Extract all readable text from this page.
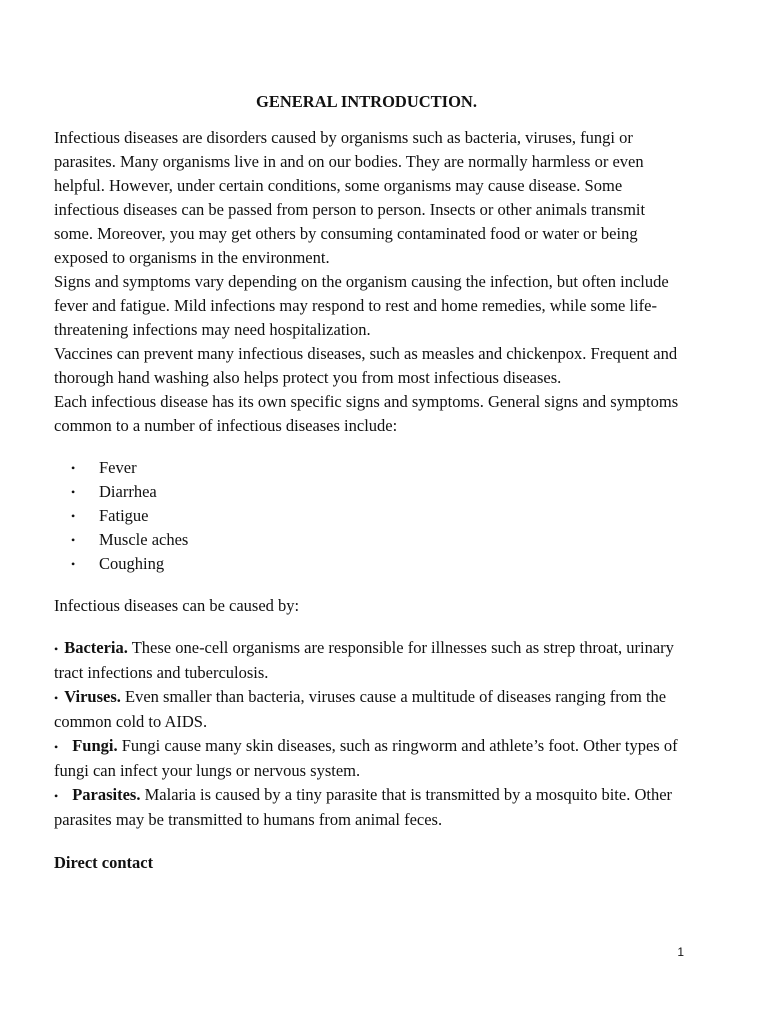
GENERAL INTRODUCTION.

Infectious diseases are disorders caused by organisms such as bacteria, viruses, fungi or parasites. Many organisms live in and on our bodies. They are normally harmless or even helpful. However, under certain conditions, some organisms may cause disease. Some infectious diseases can be passed from person to person. Insects or other animals transmit some. Moreover, you may get others by consuming contaminated food or water or being exposed to organisms in the environment.

Signs and symptoms vary depending on the organism causing the infection, but often include fever and fatigue. Mild infections may respond to rest and home remedies, while some life-threatening infections may need hospitalization.

Vaccines can prevent many infectious diseases, such as measles and chickenpox. Frequent and thorough hand washing also helps protect you from most infectious diseases.

Each infectious disease has its own specific signs and symptoms. General signs and symptoms common to a number of infectious diseases include:

• Fever
• Diarrhea
• Fatigue
• Muscle aches
• Coughing

Infectious diseases can be caused by:

• Bacteria. These one-cell organisms are responsible for illnesses such as strep throat, urinary tract infections and tuberculosis.

• Viruses. Even smaller than bacteria, viruses cause a multitude of diseases ranging from the common cold to AIDS.

• Fungi. Fungi cause many skin diseases, such as ringworm and athlete’s foot. Other types of fungi can infect your lungs or nervous system.

• Parasites. Malaria is caused by a tiny parasite that is transmitted by a mosquito bite. Other parasites may be transmitted to humans from animal feces.

Direct contact

1
